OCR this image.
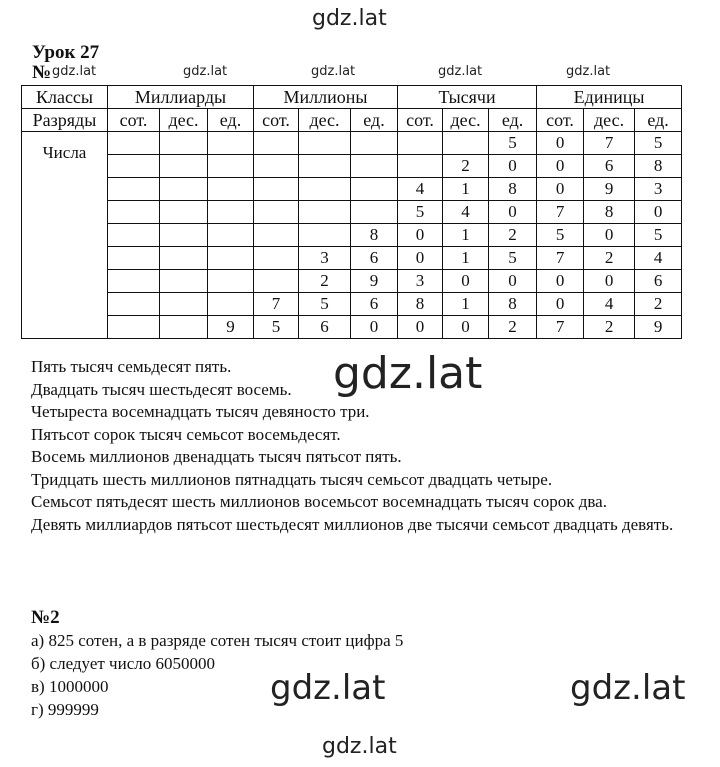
gdz.lat
Урок 27
№ gdz.lat	gdz.lat	gdz.lat	gdz.lat	gdz.lat
Классы	Миллиарды			Миллионы			Тысячи			Единицы		
Разряды	сот.	дес.	ед.	сот.	дес.	ед.	сот.	дес.	ед.	сот.	дес.	ед.
Числа									5	0	7	5
								2	0	0	6	8
							4	1	8	0	9	3
							5	4	0	7	8	0
						8	0	1	2	5	0	5
					3	6	0	1	5	7	2	4
					2	9	3	0	0	0	0	6
				7	5	6	8	1	8	0	4	2
			9	5	6	0	0	0	2	7	2	9
gdz.lat
Пять тысяч семьдесят пять.
Двадцать тысяч шестьдесят восемь.
Четыреста восемнадцать тысяч девяносто три.
Пятьсот сорок тысяч семьсот восемьдесят.
Восемь миллионов двенадцать тысяч пятьсот пять.
Тридцать шесть миллионов пятнадцать тысяч семьсот двадцать четыре.
Семьсот пятьдесят шесть миллионов восемьсот восемнадцать тысяч сорок два.
Девять миллиардов пятьсот шестьдесят миллионов две тысячи семьсот двадцать девять.
№2
а) 825 сотен, а в разряде сотен тысяч стоит цифра 5
б) следует число 6050000
в) 1000000
г) 999999
gdz.lat	gdz.lat
gdz.lat
